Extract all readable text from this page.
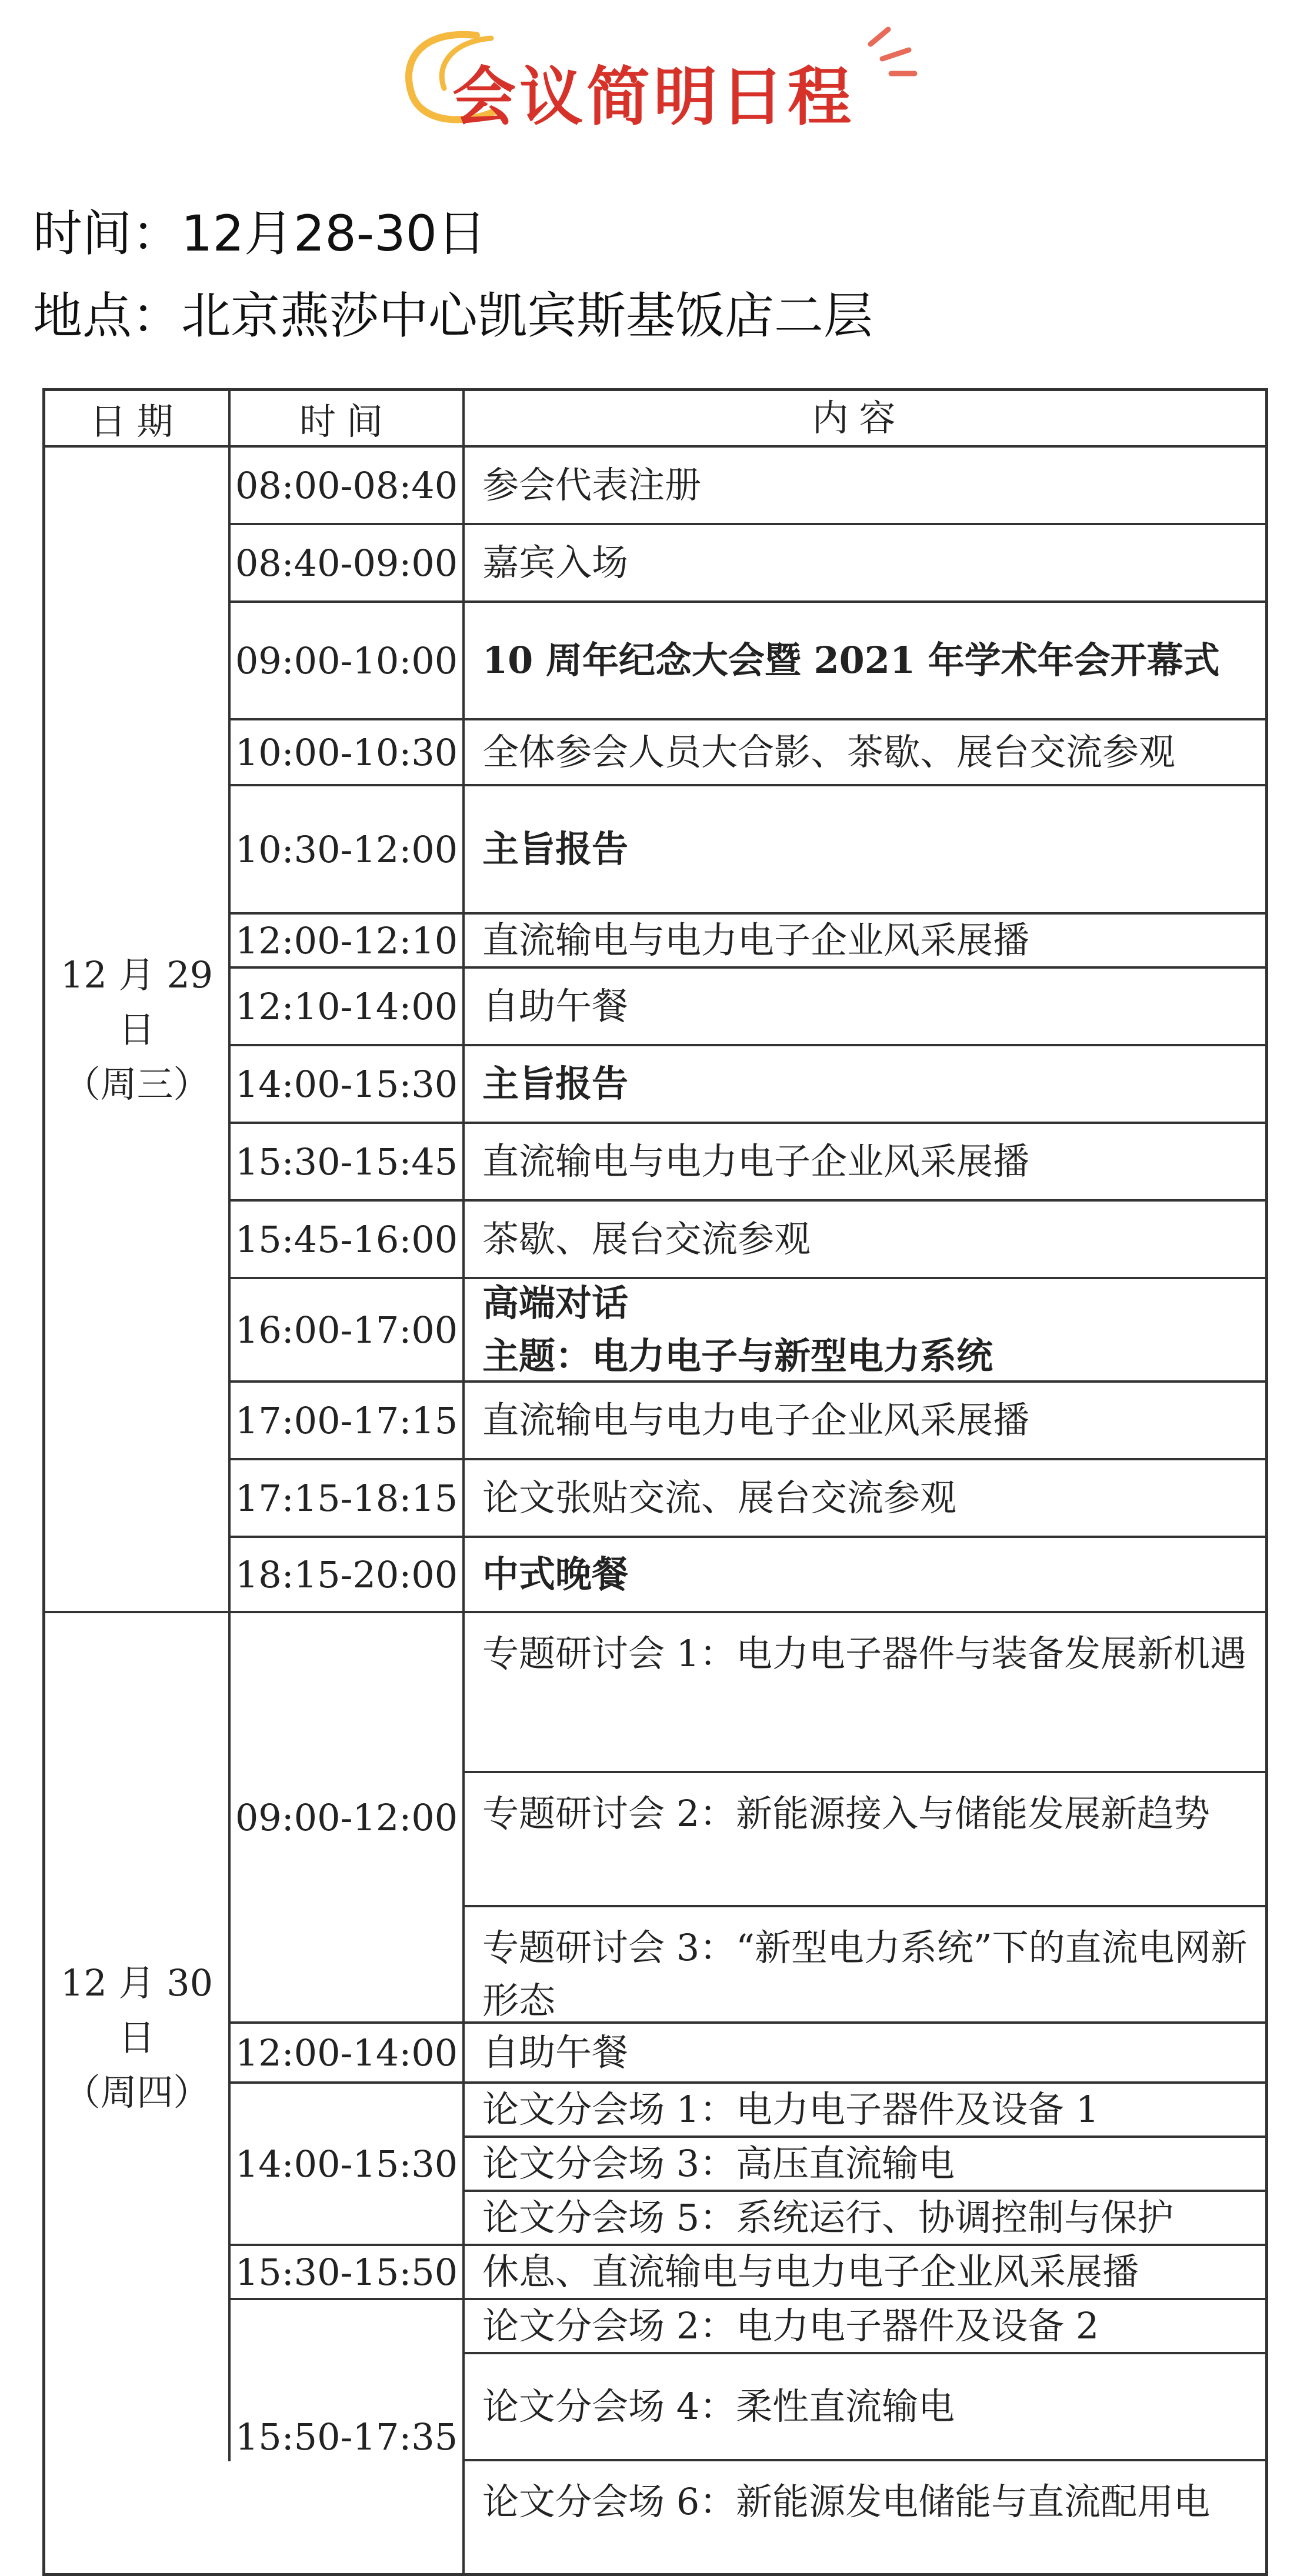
会议简明日程
时间：12月28-30日
地点：北京燕莎中心凯宾斯基饭店二层
日期	时间	内容
12 月 29 日
（周三）
08:00-08:40 参会代表注册
08:40-09:00 嘉宾入场
09:00-10:00 10 周年纪念大会暨 2021 年学术年会开幕式
10:00-10:30 全体参会人员大合影、茶歇、展台交流参观
10:30-12:00 主旨报告
12:00-12:10 直流输电与电力电子企业风采展播
12:10-14:00 自助午餐
14:00-15:30 主旨报告
15:30-15:45 直流输电与电力电子企业风采展播
15:45-16:00 茶歇、展台交流参观
16:00-17:00
高端对话
主题：电力电子与新型电力系统
17:00-17:15 直流输电与电力电子企业风采展播
17:15-18:15 论文张贴交流、展台交流参观
18:15-20:00 中式晚餐
12 月 30 日
（周四）
09:00-12:00
专题研讨会 1：电力电子器件与装备发展新机遇
专题研讨会 2：新能源接入与储能发展新趋势
专题研讨会 3：“新型电力系统”下的直流电网新形态
12:00-14:00 自助午餐
14:00-15:30
论文分会场 1：电力电子器件及设备 1
论文分会场 3：高压直流输电
论文分会场 5：系统运行、协调控制与保护
15:30-15:50 休息、直流输电与电力电子企业风采展播
15:50-17:35
论文分会场 2：电力电子器件及设备 2
论文分会场 4：柔性直流输电
论文分会场 6：新能源发电储能与直流配用电
